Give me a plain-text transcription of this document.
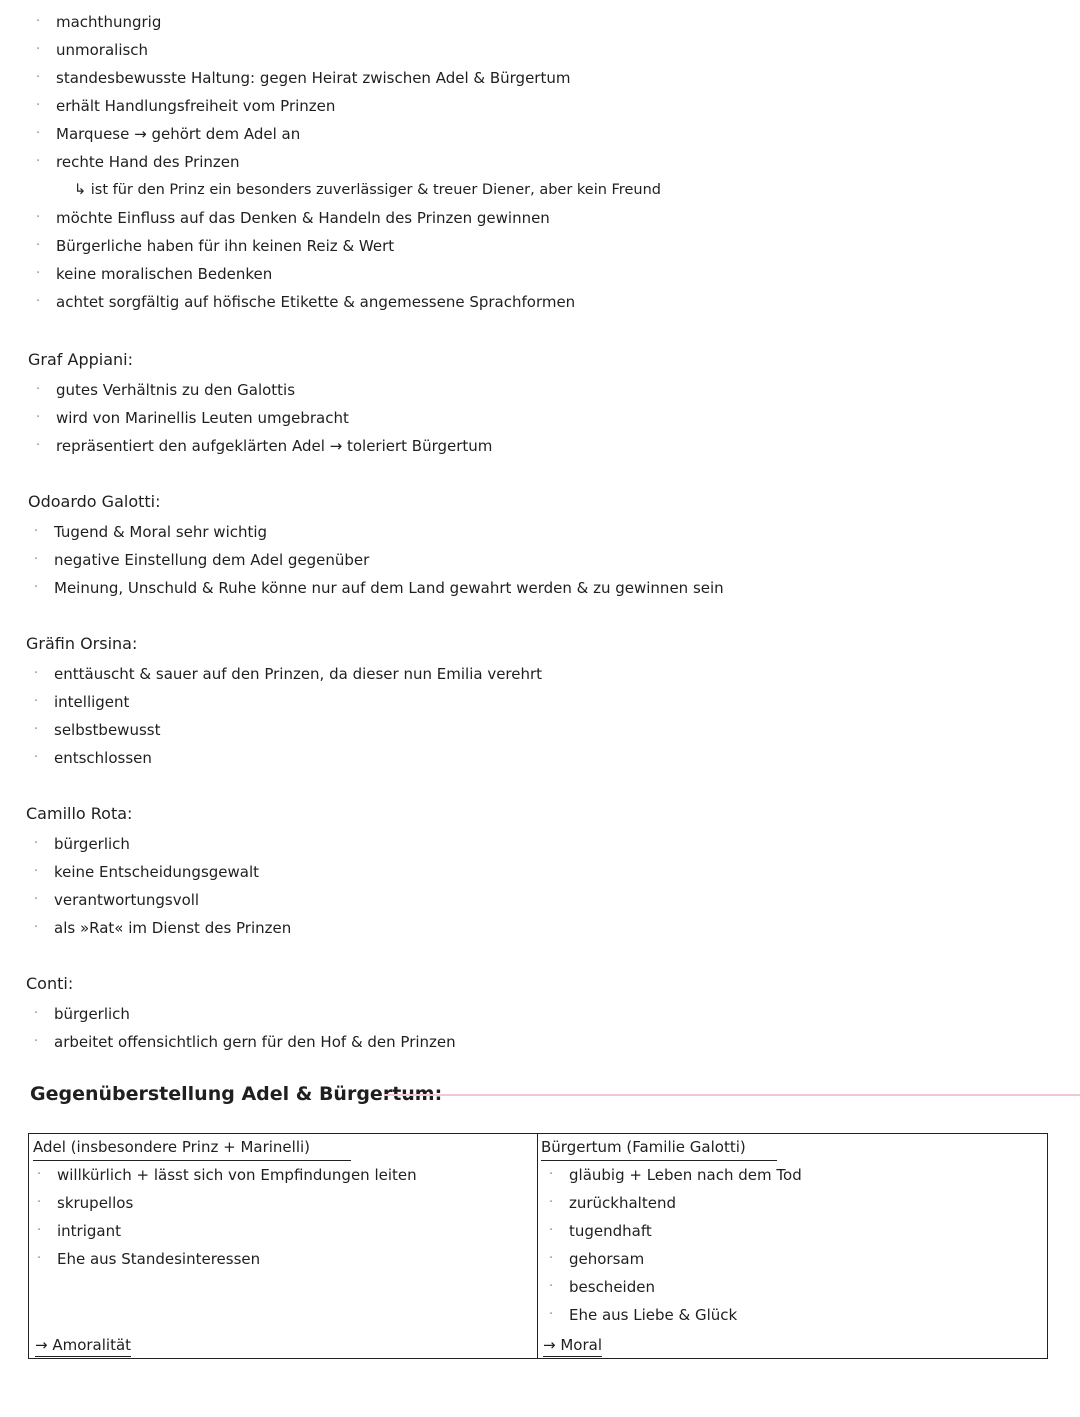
· machthungrig
· unmoralisch
· standesbewusste Haltung: gegen Heirat zwischen Adel & Bürgertum
· erhält Handlungsfreiheit vom Prinzen
· Marquese → gehört dem Adel an
· rechte Hand des Prinzen
↳ ist für den Prinz ein besonders zuverlässiger & treuer Diener, aber kein Freund
· möchte Einfluss auf das Denken & Handeln des Prinzen gewinnen
· Bürgerliche haben für ihn keinen Reiz & Wert
· keine moralischen Bedenken
· achtet sorgfältig auf höfische Etikette & angemessene Sprachformen
Graf Appiani:
· gutes Verhältnis zu den Galottis
· wird von Marinellis Leuten umgebracht
· repräsentiert den aufgeklärten Adel → toleriert Bürgertum
Odoardo Galotti:
· Tugend & Moral sehr wichtig
· negative Einstellung dem Adel gegenüber
· Meinung, Unschuld & Ruhe könne nur auf dem Land gewahrt werden & zu gewinnen sein
Gräfin Orsina:
· enttäuscht & sauer auf den Prinzen, da dieser nun Emilia verehrt
· intelligent
· selbstbewusst
· entschlossen
Camillo Rota:
· bürgerlich
· keine Entscheidungsgewalt
· verantwortungsvoll
· als »Rat« im Dienst des Prinzen
Conti:
· bürgerlich
· arbeitet offensichtlich gern für den Hof & den Prinzen
Gegenüberstellung Adel & Bürgertum:
Adel (insbesondere Prinz + Marinelli)
· willkürlich + lässt sich von Empfindungen leiten
· skrupellos
· intrigant
· Ehe aus Standesinteressen
→ Amoralität
Bürgertum (Familie Galotti)
· gläubig + Leben nach dem Tod
· zurückhaltend
· tugendhaft
· gehorsam
· bescheiden
· Ehe aus Liebe & Glück
→ Moral
